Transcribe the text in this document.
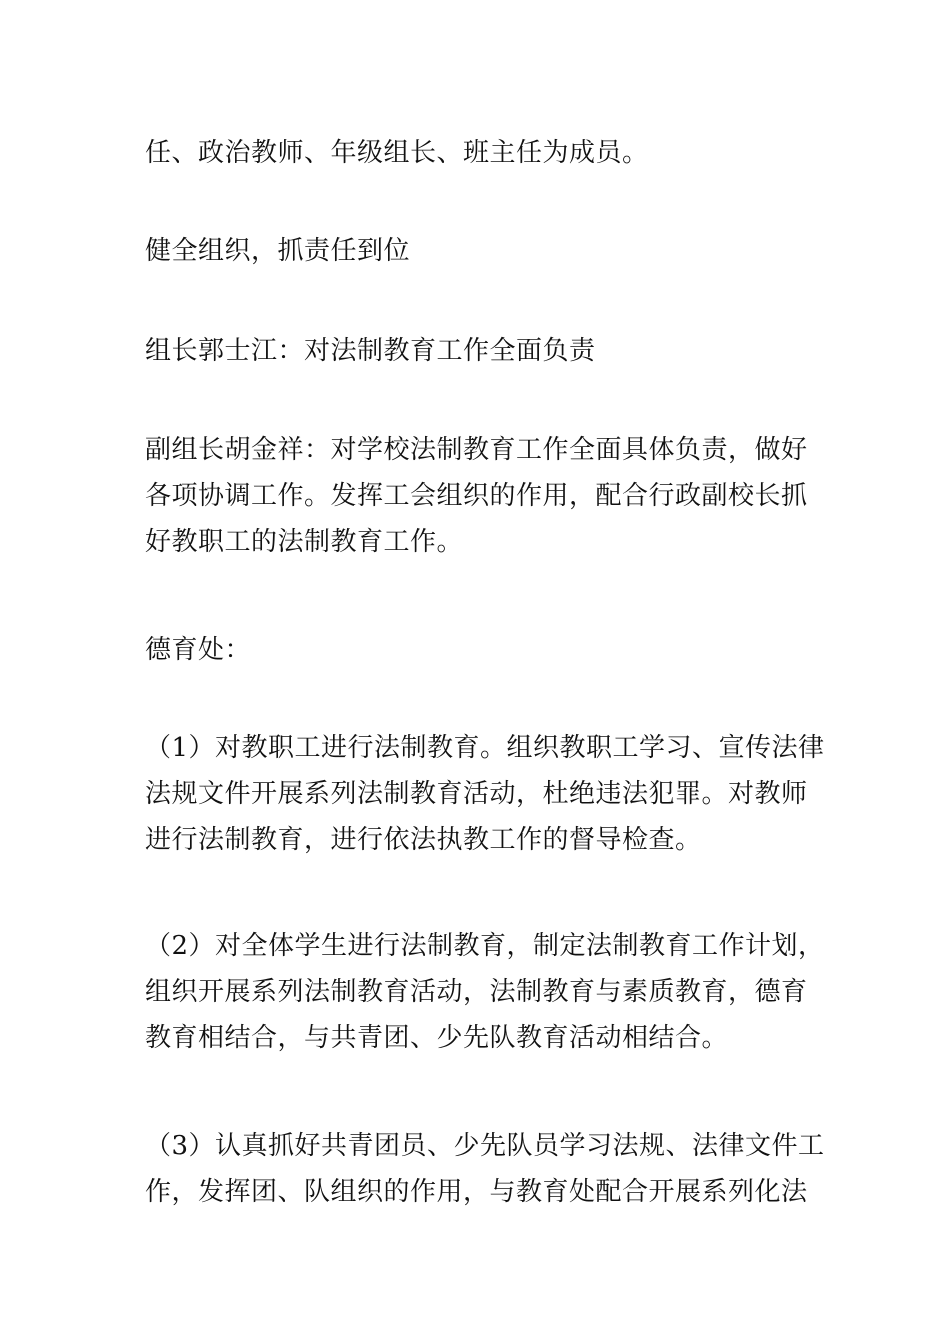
任、政治教师、年级组长、班主任为成员。

健全组织，抓责任到位

组长郭士江：对法制教育工作全面负责

副组长胡金祥：对学校法制教育工作全面具体负责，做好
各项协调工作。发挥工会组织的作用，配合行政副校长抓
好教职工的法制教育工作。

德育处：

（1）对教职工进行法制教育。组织教职工学习、宣传法律
法规文件开展系列法制教育活动，杜绝违法犯罪。对教师
进行法制教育，进行依法执教工作的督导检查。

（2）对全体学生进行法制教育，制定法制教育工作计划，
组织开展系列法制教育活动，法制教育与素质教育，德育
教育相结合，与共青团、少先队教育活动相结合。

（3）认真抓好共青团员、少先队员学习法规、法律文件工
作，发挥团、队组织的作用，与教育处配合开展系列化法
